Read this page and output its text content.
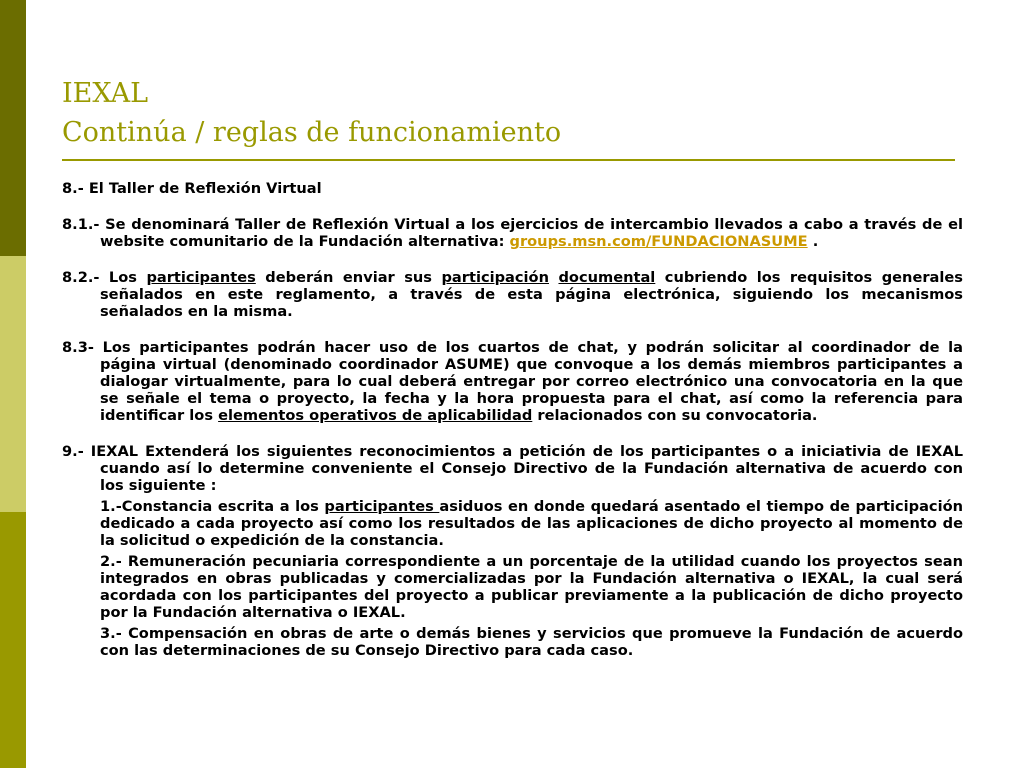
IEXAL
Continúa / reglas de funcionamiento

8.- El Taller de Reflexión Virtual

8.1.- Se denominará Taller de Reflexión Virtual a los ejercicios de intercambio llevados a cabo a través de el website comunitario de la Fundación alternativa: groups.msn.com/FUNDACIONASUME .

8.2.- Los participantes deberán enviar sus participación documental cubriendo los requisitos generales señalados en este reglamento, a través de esta página electrónica, siguiendo los mecanismos señalados en la misma.

8.3- Los participantes podrán hacer uso de los cuartos de chat, y podrán solicitar al coordinador de la página virtual (denominado coordinador ASUME) que convoque a los demás miembros participantes a dialogar virtualmente, para lo cual deberá entregar por correo electrónico una convocatoria en la que se señale el tema o proyecto, la fecha y la hora propuesta para el chat, así como la referencia para identificar los elementos operativos de aplicabilidad relacionados con su convocatoria.

9.- IEXAL Extenderá los siguientes reconocimientos a petición de los participantes o a iniciativia de IEXAL cuando así lo determine conveniente el Consejo Directivo de la Fundación alternativa de acuerdo con los siguiente :

1.-Constancia escrita a los participantes asiduos en donde quedará asentado el tiempo de participación dedicado a cada proyecto así como los resultados de las aplicaciones de dicho proyecto al momento de la solicitud o expedición de la constancia.

2.- Remuneración pecuniaria correspondiente a un porcentaje de la utilidad cuando los proyectos sean integrados en obras publicadas y comercializadas por la Fundación alternativa o IEXAL, la cual será acordada con los participantes del proyecto a publicar previamente a la publicación de dicho proyecto por la Fundación alternativa o IEXAL.

3.- Compensación en obras de arte o demás bienes y servicios que promueve la Fundación de acuerdo con las determinaciones de su Consejo Directivo para cada caso.
